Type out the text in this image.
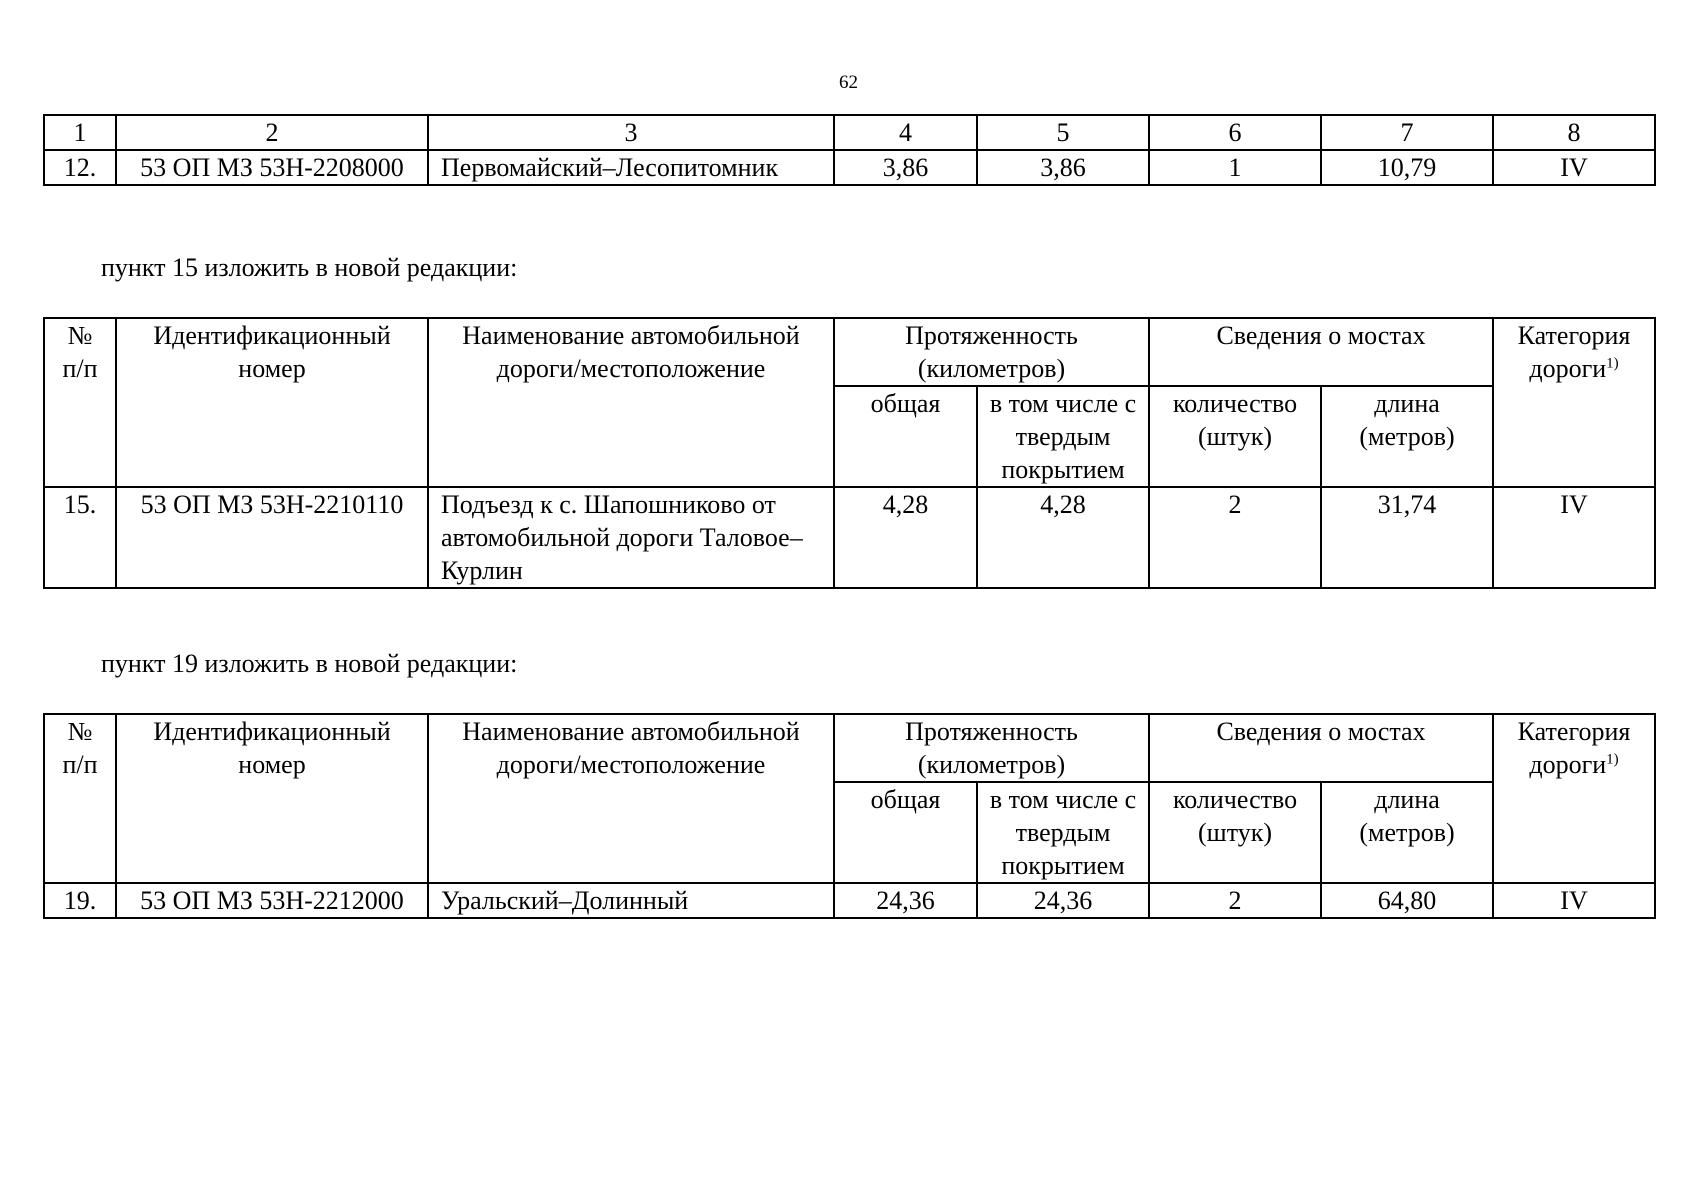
62
1	2	3	4	5	6	7	8
12.	53 ОП МЗ 53Н-2208000	Первомайский–Лесопитомник	3,86	3,86	1	10,79	IV
пункт 15 изложить в новой редакции:
№
п/п	Идентификационный номер	Наименование автомобильной дороги/местоположение	Протяженность (километров)		Сведения о мостах		Категория дороги$^{1)}$
			общая	в том числе с твердым покрытием	количество (штук)	длина (метров)	
15.	53 ОП МЗ 53Н-2210110	Подъезд к с. Шапошниково от автомобильной дороги Таловое–Курлин	4,28	4,28	2	31,74	IV
пункт 19 изложить в новой редакции:
№
п/п	Идентификационный номер	Наименование автомобильной дороги/местоположение	Протяженность (километров)		Сведения о мостах		Категория дороги$^{1)}$
			общая	в том числе с твердым покрытием	количество (штук)	длина (метров)	
19.	53 ОП МЗ 53Н-2212000	Уральский–Долинный	24,36	24,36	2	64,80	IV
